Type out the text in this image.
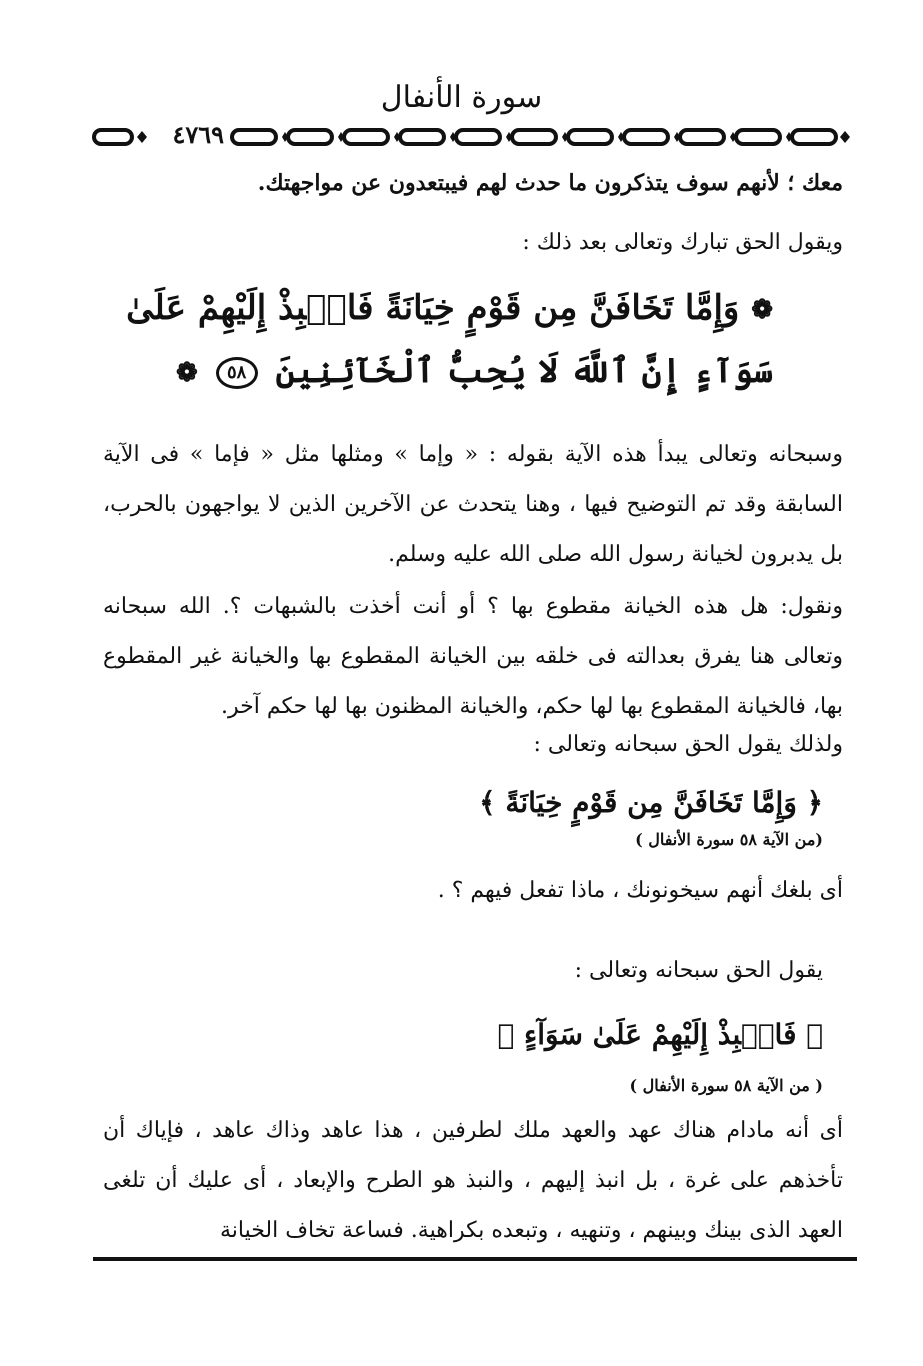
سورة الأنفال
٤٧٦٩
معك ؛ لأنهم سوف يتذكرون ما حدث لهم فيبتعدون عن مواجهتك.
ويقول الحق تبارك وتعالى بعد ذلك :
❁ وَإِمَّا تَخَافَنَّ مِن قَوْمٍ خِيَانَةً فَانۢبِذْ إِلَيْهِمْ عَلَىٰ
سَوَآءٍ إِنَّ ٱللَّهَ لَا يُحِبُّ ٱلْخَآئِنِينَ ٥٨ ❁
وسبحانه وتعالى يبدأ هذه الآية بقوله : « وإما » ومثلها مثل « فإما » فى الآية السابقة وقد تم التوضيح فيها ، وهنا يتحدث عن الآخرين الذين لا يواجهون بالحرب، بل يدبرون لخيانة رسول الله صلى الله عليه وسلم.
ونقول: هل هذه الخيانة مقطوع بها ؟ أو أنت أخذت بالشبهات ؟. الله سبحانه وتعالى هنا يفرق بعدالته فى خلقه بين الخيانة المقطوع بها والخيانة غير المقطوع بها، فالخيانة المقطوع بها لها حكم، والخيانة المظنون بها لها حكم آخر.
ولذلك يقول الحق سبحانه وتعالى :
﴿ وَإِمَّا تَخَافَنَّ مِن قَوْمٍ خِيَانَةً ﴾
(من الآية ٥٨ سورة الأنفال )
أى بلغك أنهم سيخونونك ، ماذا تفعل فيهم ؟ .
يقول الحق سبحانه وتعالى :
﴿ فَانۢبِذْ إِلَيْهِمْ عَلَىٰ سَوَآءٍ ﴾
( من الآية ٥٨ سورة الأنفال )
أى أنه مادام هناك عهد والعهد ملك لطرفين ، هذا عاهد وذاك عاهد ، فإياك أن تأخذهم على غرة ، بل انبذ إليهم ، والنبذ هو الطرح والإبعاد ، أى عليك أن تلغى العهد الذى بينك وبينهم ، وتنهيه ، وتبعده بكراهية. فساعة تخاف الخيانة
